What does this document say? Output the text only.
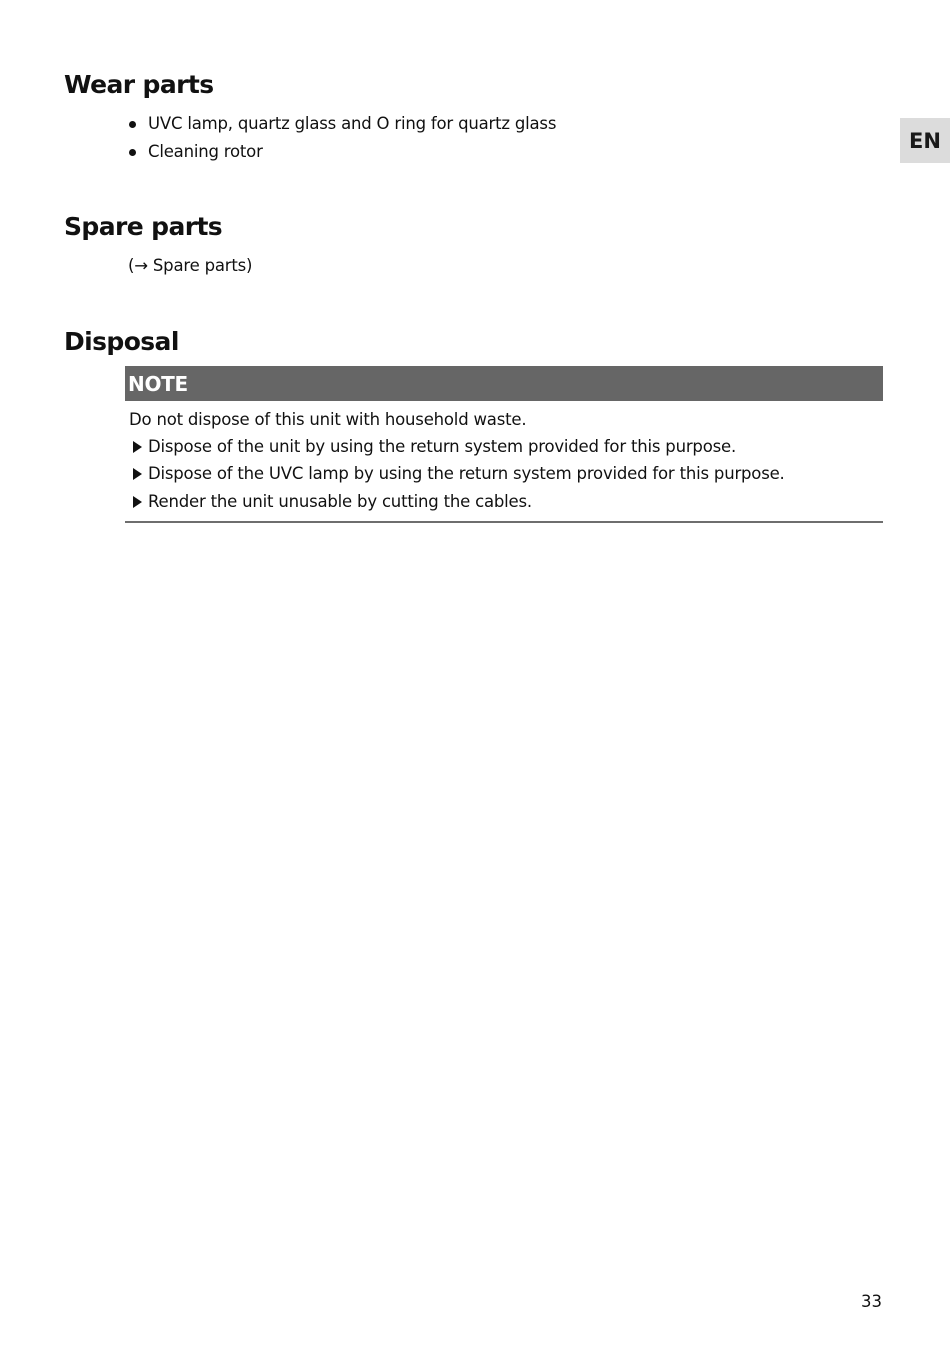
EN
Wear parts
UVC lamp, quartz glass and O ring for quartz glass
Cleaning rotor
Spare parts
(→ Spare parts)
Disposal
NOTE
Do not dispose of this unit with household waste.
Dispose of the unit by using the return system provided for this purpose.
Dispose of the UVC lamp by using the return system provided for this purpose.
Render the unit unusable by cutting the cables.
33
